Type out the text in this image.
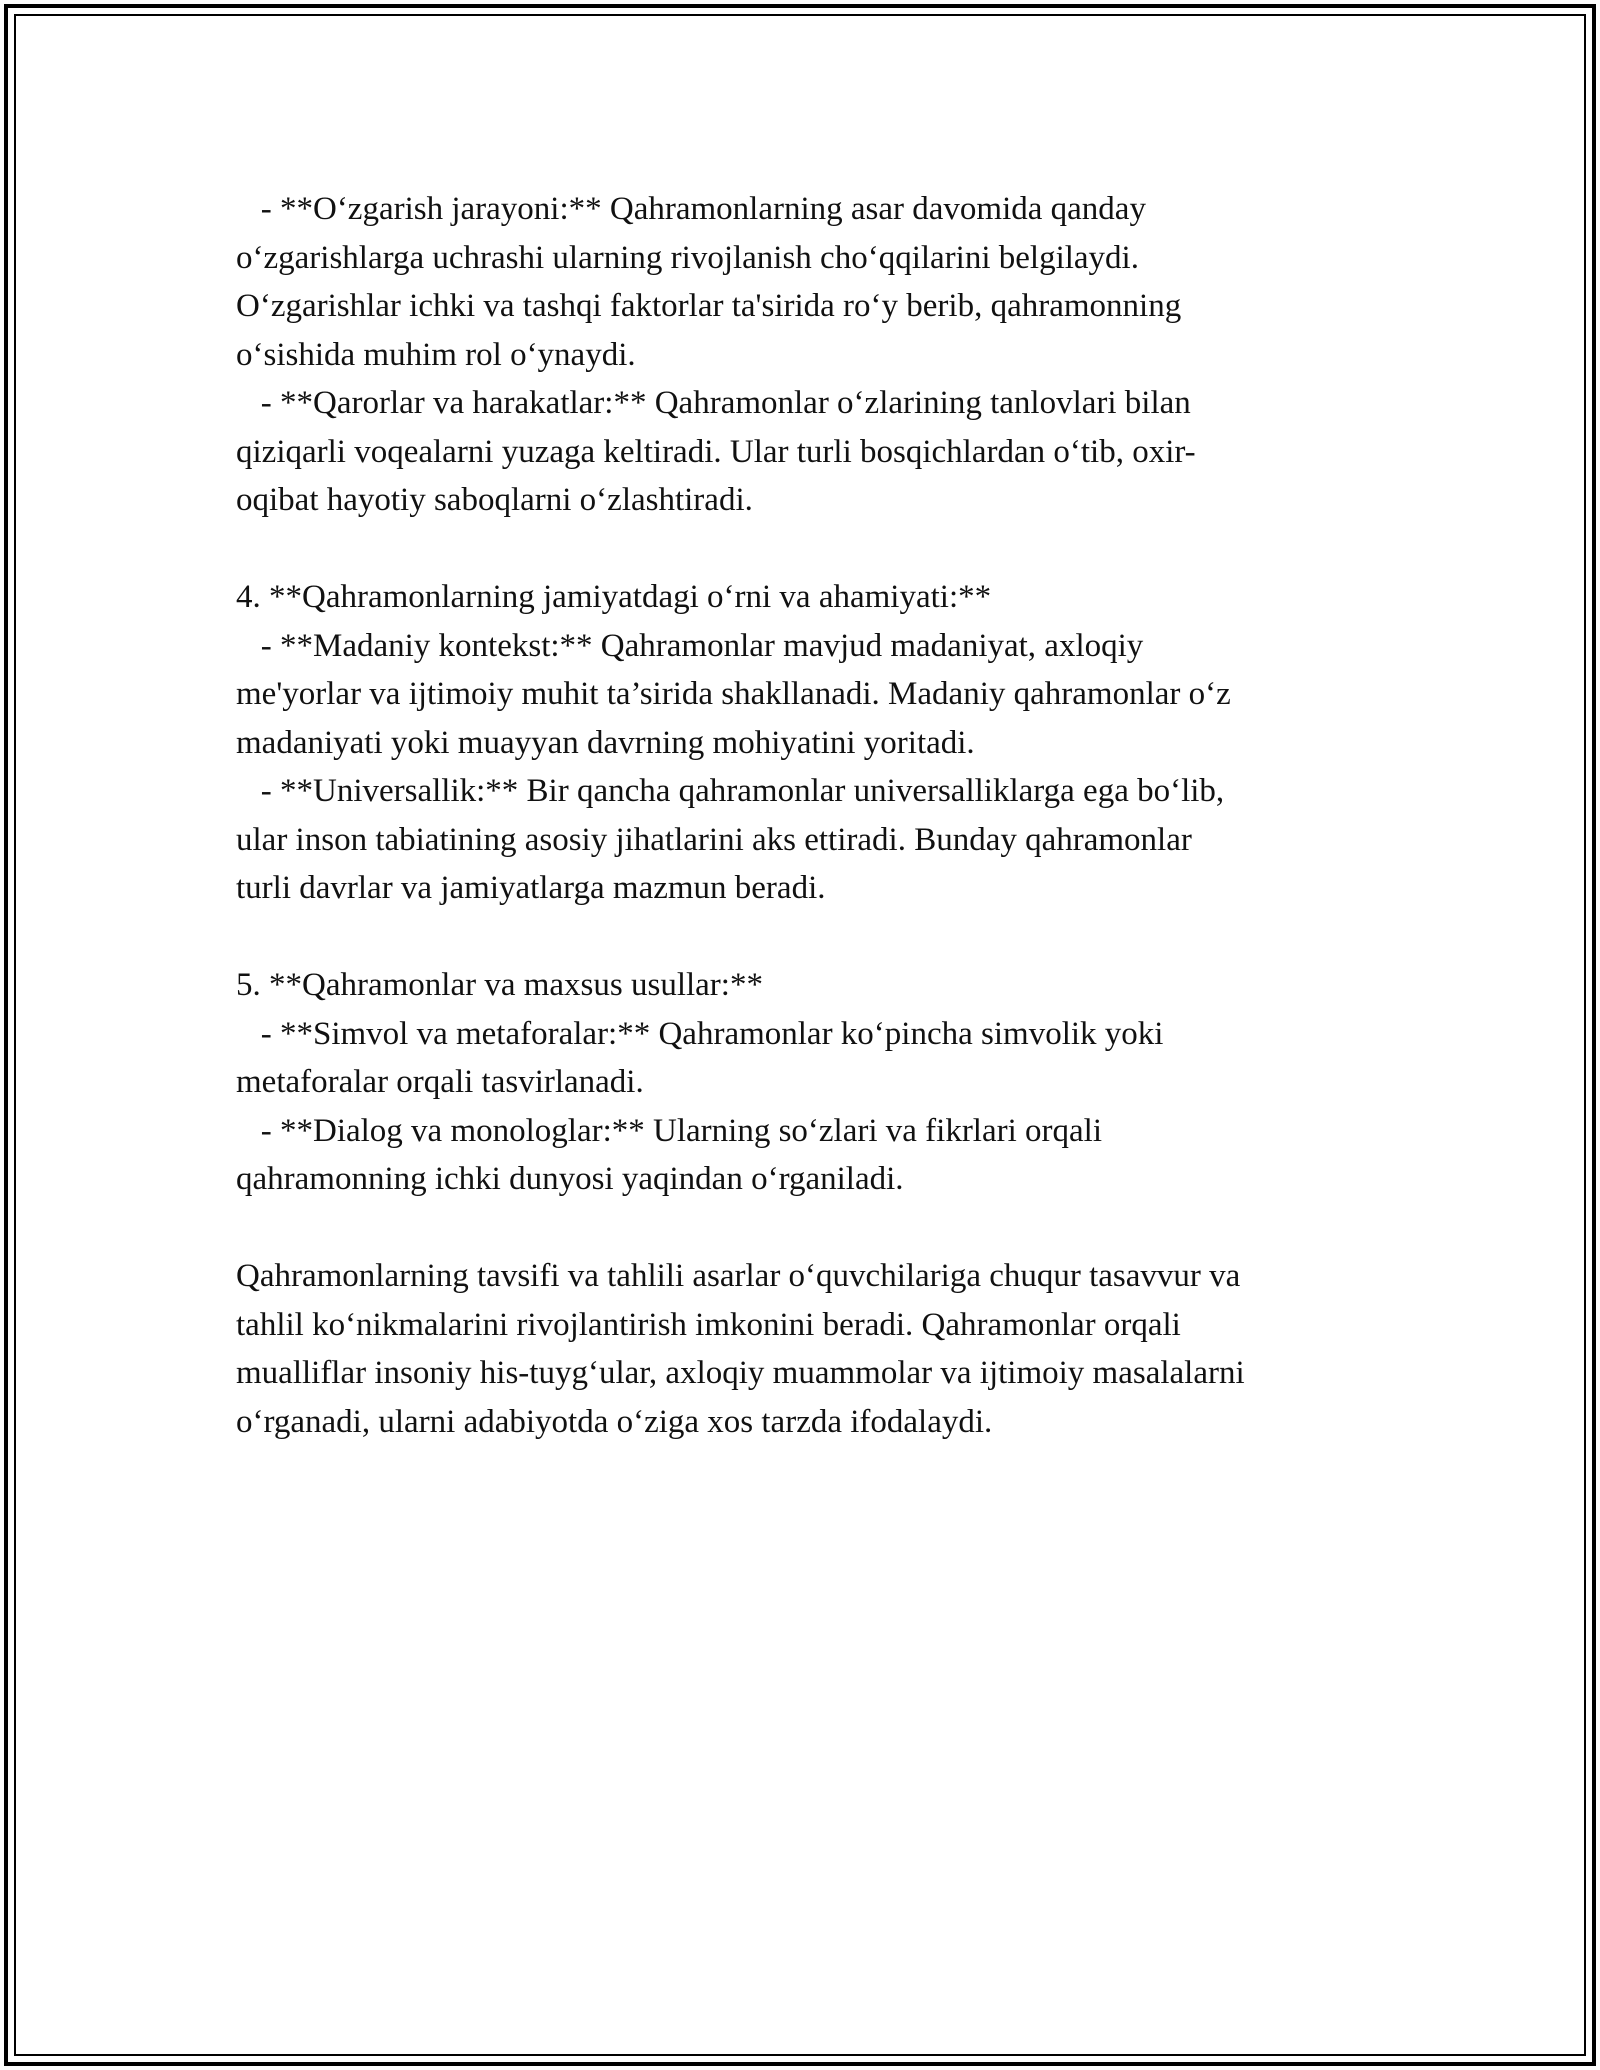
- **Oʻzgarish jarayoni:** Qahramonlarning asar davomida qanday
oʻzgarishlarga uchrashi ularning rivojlanish choʻqqilarini belgilaydi.
Oʻzgarishlar ichki va tashqi faktorlar ta'sirida roʻy berib, qahramonning
oʻsishida muhim rol oʻynaydi.
- **Qarorlar va harakatlar:** Qahramonlar oʻzlarining tanlovlari bilan
qiziqarli voqealarni yuzaga keltiradi. Ular turli bosqichlardan oʻtib, oxir-
oqibat hayotiy saboqlarni oʻzlashtiradi.
4. **Qahramonlarning jamiyatdagi oʻrni va ahamiyati:**
- **Madaniy kontekst:** Qahramonlar mavjud madaniyat, axloqiy
me'yorlar va ijtimoiy muhit ta’sirida shakllanadi. Madaniy qahramonlar oʻz
madaniyati yoki muayyan davrning mohiyatini yoritadi.
- **Universallik:** Bir qancha qahramonlar universalliklarga ega boʻlib,
ular inson tabiatining asosiy jihatlarini aks ettiradi. Bunday qahramonlar
turli davrlar va jamiyatlarga mazmun beradi.
5. **Qahramonlar va maxsus usullar:**
- **Simvol va metaforalar:** Qahramonlar koʻpincha simvolik yoki
metaforalar orqali tasvirlanadi.
- **Dialog va monologlar:** Ularning soʻzlari va fikrlari orqali
qahramonning ichki dunyosi yaqindan oʻrganiladi.
Qahramonlarning tavsifi va tahlili asarlar oʻquvchilariga chuqur tasavvur va
tahlil koʻnikmalarini rivojlantirish imkonini beradi. Qahramonlar orqali
mualliflar insoniy his-tuygʻular, axloqiy muammolar va ijtimoiy masalalarni
oʻrganadi, ularni adabiyotda oʻziga xos tarzda ifodalaydi.
